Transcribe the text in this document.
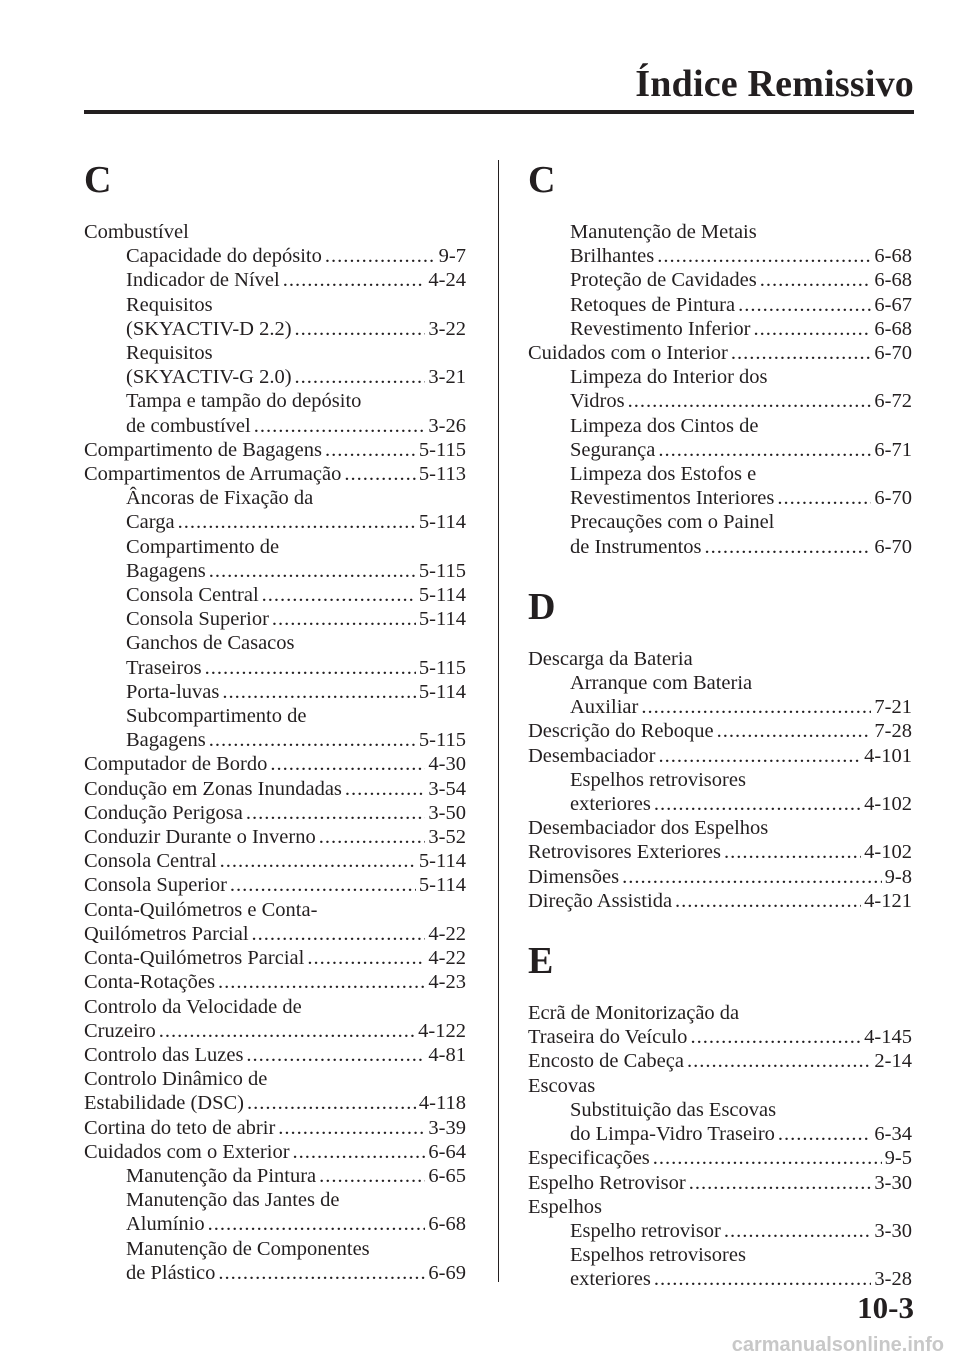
Índice Remissivo
C
Combustível
Capacidade do depósito .....	9-7
Indicador de Nível .....	4-24
Requisitos
(SKYACTIV-D 2.2) .....	3-22
Requisitos
(SKYACTIV-G 2.0) .....	3-21
Tampa e tampão do depósito
de combustível .....	3-26
Compartimento de Bagagens .....	5-115
Compartimentos de Arrumação .....	5-113
Âncoras de Fixação da
Carga .....	5-114
Compartimento de
Bagagens .....	5-115
Consola Central .....	5-114
Consola Superior .....	5-114
Ganchos de Casacos
Traseiros .....	5-115
Porta-luvas .....	5-114
Subcompartimento de
Bagagens .....	5-115
Computador de Bordo .....	4-30
Condução em Zonas Inundadas .....	3-54
Condução Perigosa .....	3-50
Conduzir Durante o Inverno .....	3-52
Consola Central .....	5-114
Consola Superior .....	5-114
Conta-Quilómetros e Conta-
Quilómetros Parcial .....	4-22
Conta-Quilómetros Parcial .....	4-22
Conta-Rotações .....	4-23
Controlo da Velocidade de
Cruzeiro .....	4-122
Controlo das Luzes .....	4-81
Controlo Dinâmico de
Estabilidade (DSC) .....	4-118
Cortina do teto de abrir .....	3-39
Cuidados com o Exterior .....	6-64
Manutenção da Pintura .....	6-65
Manutenção das Jantes de
Alumínio .....	6-68
Manutenção de Componentes
de Plástico .....	6-69
C
Manutenção de Metais
Brilhantes .....	6-68
Proteção de Cavidades .....	6-68
Retoques de Pintura .....	6-67
Revestimento Inferior .....	6-68
Cuidados com o Interior .....	6-70
Limpeza do Interior dos
Vidros .....	6-72
Limpeza dos Cintos de
Segurança .....	6-71
Limpeza dos Estofos e
Revestimentos Interiores .....	6-70
Precauções com o Painel
de Instrumentos .....	6-70
D
Descarga da Bateria
Arranque com Bateria
Auxiliar .....	7-21
Descrição do Reboque .....	7-28
Desembaciador .....	4-101
Espelhos retrovisores
exteriores .....	4-102
Desembaciador dos Espelhos
Retrovisores Exteriores .....	4-102
Dimensões .....	9-8
Direção Assistida .....	4-121
E
Ecrã de Monitorização da
Traseira do Veículo .....	4-145
Encosto de Cabeça .....	2-14
Escovas
Substituição das Escovas
do Limpa-Vidro Traseiro .....	6-34
Especificações .....	9-5
Espelho Retrovisor .....	3-30
Espelhos
Espelho retrovisor .....	3-30
Espelhos retrovisores
exteriores .....	3-28
10-3
carmanualsonline.info
